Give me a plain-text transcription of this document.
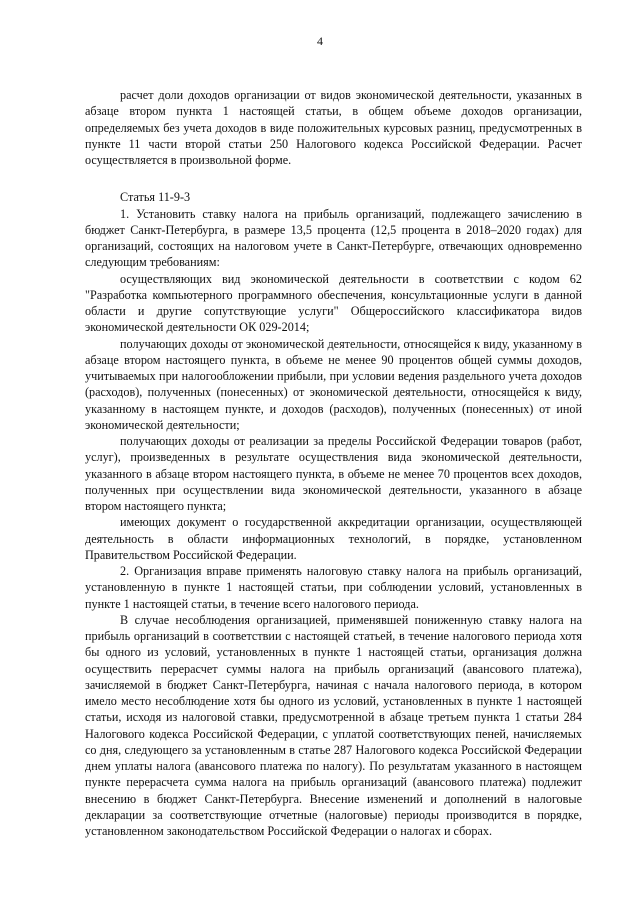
4

расчет доли доходов организации от видов экономической деятельности, указанных в абзаце втором пункта 1 настоящей статьи, в общем объеме доходов организации, определяемых без учета доходов в виде положительных курсовых разниц, предусмотренных в пункте 11 части второй статьи 250 Налогового кодекса Российской Федерации. Расчет осуществляется в произвольной форме.

Статья 11-9-3

1. Установить ставку налога на прибыль организаций, подлежащего зачислению в бюджет Санкт-Петербурга, в размере 13,5 процента (12,5 процента в 2018–2020 годах) для организаций, состоящих на налоговом учете в Санкт-Петербурге, отвечающих одновременно следующим требованиям:

осуществляющих вид экономической деятельности в соответствии с кодом 62 "Разработка компьютерного программного обеспечения, консультационные услуги в данной области и другие сопутствующие услуги" Общероссийского классификатора видов экономической деятельности ОК 029-2014;

получающих доходы от экономической деятельности, относящейся к виду, указанному в абзаце втором настоящего пункта, в объеме не менее 90 процентов общей суммы доходов, учитываемых при налогообложении прибыли, при условии ведения раздельного учета доходов (расходов), полученных (понесенных) от экономической деятельности, относящейся к виду, указанному в настоящем пункте, и доходов (расходов), полученных (понесенных) от иной экономической деятельности;

получающих доходы от реализации за пределы Российской Федерации товаров (работ, услуг), произведенных в результате осуществления вида экономической деятельности, указанного в абзаце втором настоящего пункта, в объеме не менее 70 процентов всех доходов, полученных при осуществлении вида экономической деятельности, указанного в абзаце втором настоящего пункта;

имеющих документ о государственной аккредитации организации, осуществляющей деятельность в области информационных технологий, в порядке, установленном Правительством Российской Федерации.

2. Организация вправе применять налоговую ставку налога на прибыль организаций, установленную в пункте 1 настоящей статьи, при соблюдении условий, установленных в пункте 1 настоящей статьи, в течение всего налогового периода.

В случае несоблюдения организацией, применявшей пониженную ставку налога на прибыль организаций в соответствии с настоящей статьей, в течение налогового периода хотя бы одного из условий, установленных в пункте 1 настоящей статьи, организация должна осуществить перерасчет суммы налога на прибыль организаций (авансового платежа), зачисляемой в бюджет Санкт-Петербурга, начиная с начала налогового периода, в котором имело место несоблюдение хотя бы одного из условий, установленных в пункте 1 настоящей статьи, исходя из налоговой ставки, предусмотренной в абзаце третьем пункта 1 статьи 284 Налогового кодекса Российской Федерации, с уплатой соответствующих пеней, начисляемых со дня, следующего за установленным в статье 287 Налогового кодекса Российской Федерации днем уплаты налога (авансового платежа по налогу). По результатам указанного в настоящем пункте перерасчета сумма налога на прибыль организаций (авансового платежа) подлежит внесению в бюджет Санкт-Петербурга. Внесение изменений и дополнений в налоговые декларации за соответствующие отчетные (налоговые) периоды производится в порядке, установленном законодательством Российской Федерации о налогах и сборах.
